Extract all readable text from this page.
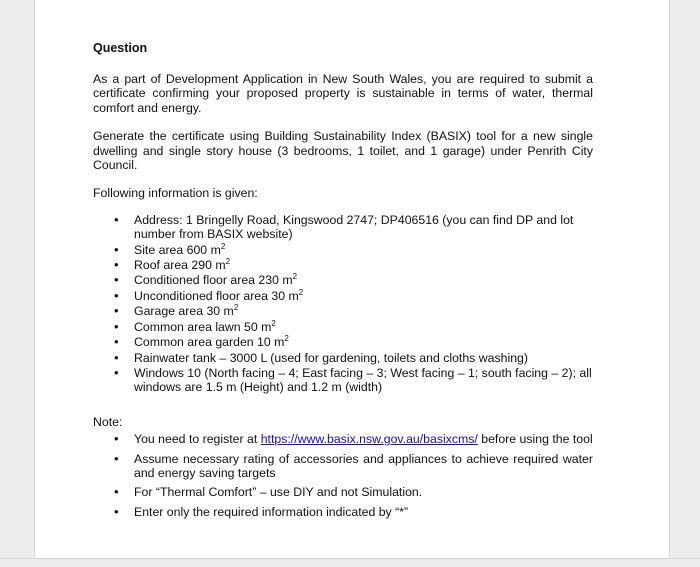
Question

As a part of Development Application in New South Wales, you are required to submit a certificate confirming your proposed property is sustainable in terms of water, thermal comfort and energy.

Generate the certificate using Building Sustainability Index (BASIX) tool for a new single dwelling and single story house (3 bedrooms, 1 toilet, and 1 garage) under Penrith City Council.

Following information is given:

• Address: 1 Bringelly Road, Kingswood 2747; DP406516 (you can find DP and lot number from BASIX website)
• Site area 600 $m^2$
• Roof area 290 $m^2$
• Conditioned floor area 230 $m^2$
• Unconditioned floor area 30 $m^2$
• Garage area 30 $m^2$
• Common area lawn 50 $m^2$
• Common area garden 10 $m^2$
• Rainwater tank – 3000 L (used for gardening, toilets and cloths washing)
• Windows 10 (North facing – 4; East facing – 3; West facing – 1; south facing – 2); all windows are 1.5 m (Height) and 1.2 m (width)
Note:
• You need to register at https://www.basix.nsw.gov.au/basixcms/ before using the tool
• Assume necessary rating of accessories and appliances to achieve required water and energy saving targets
• For “Thermal Comfort” – use DIY and not Simulation.
• Enter only the required information indicated by “*”
